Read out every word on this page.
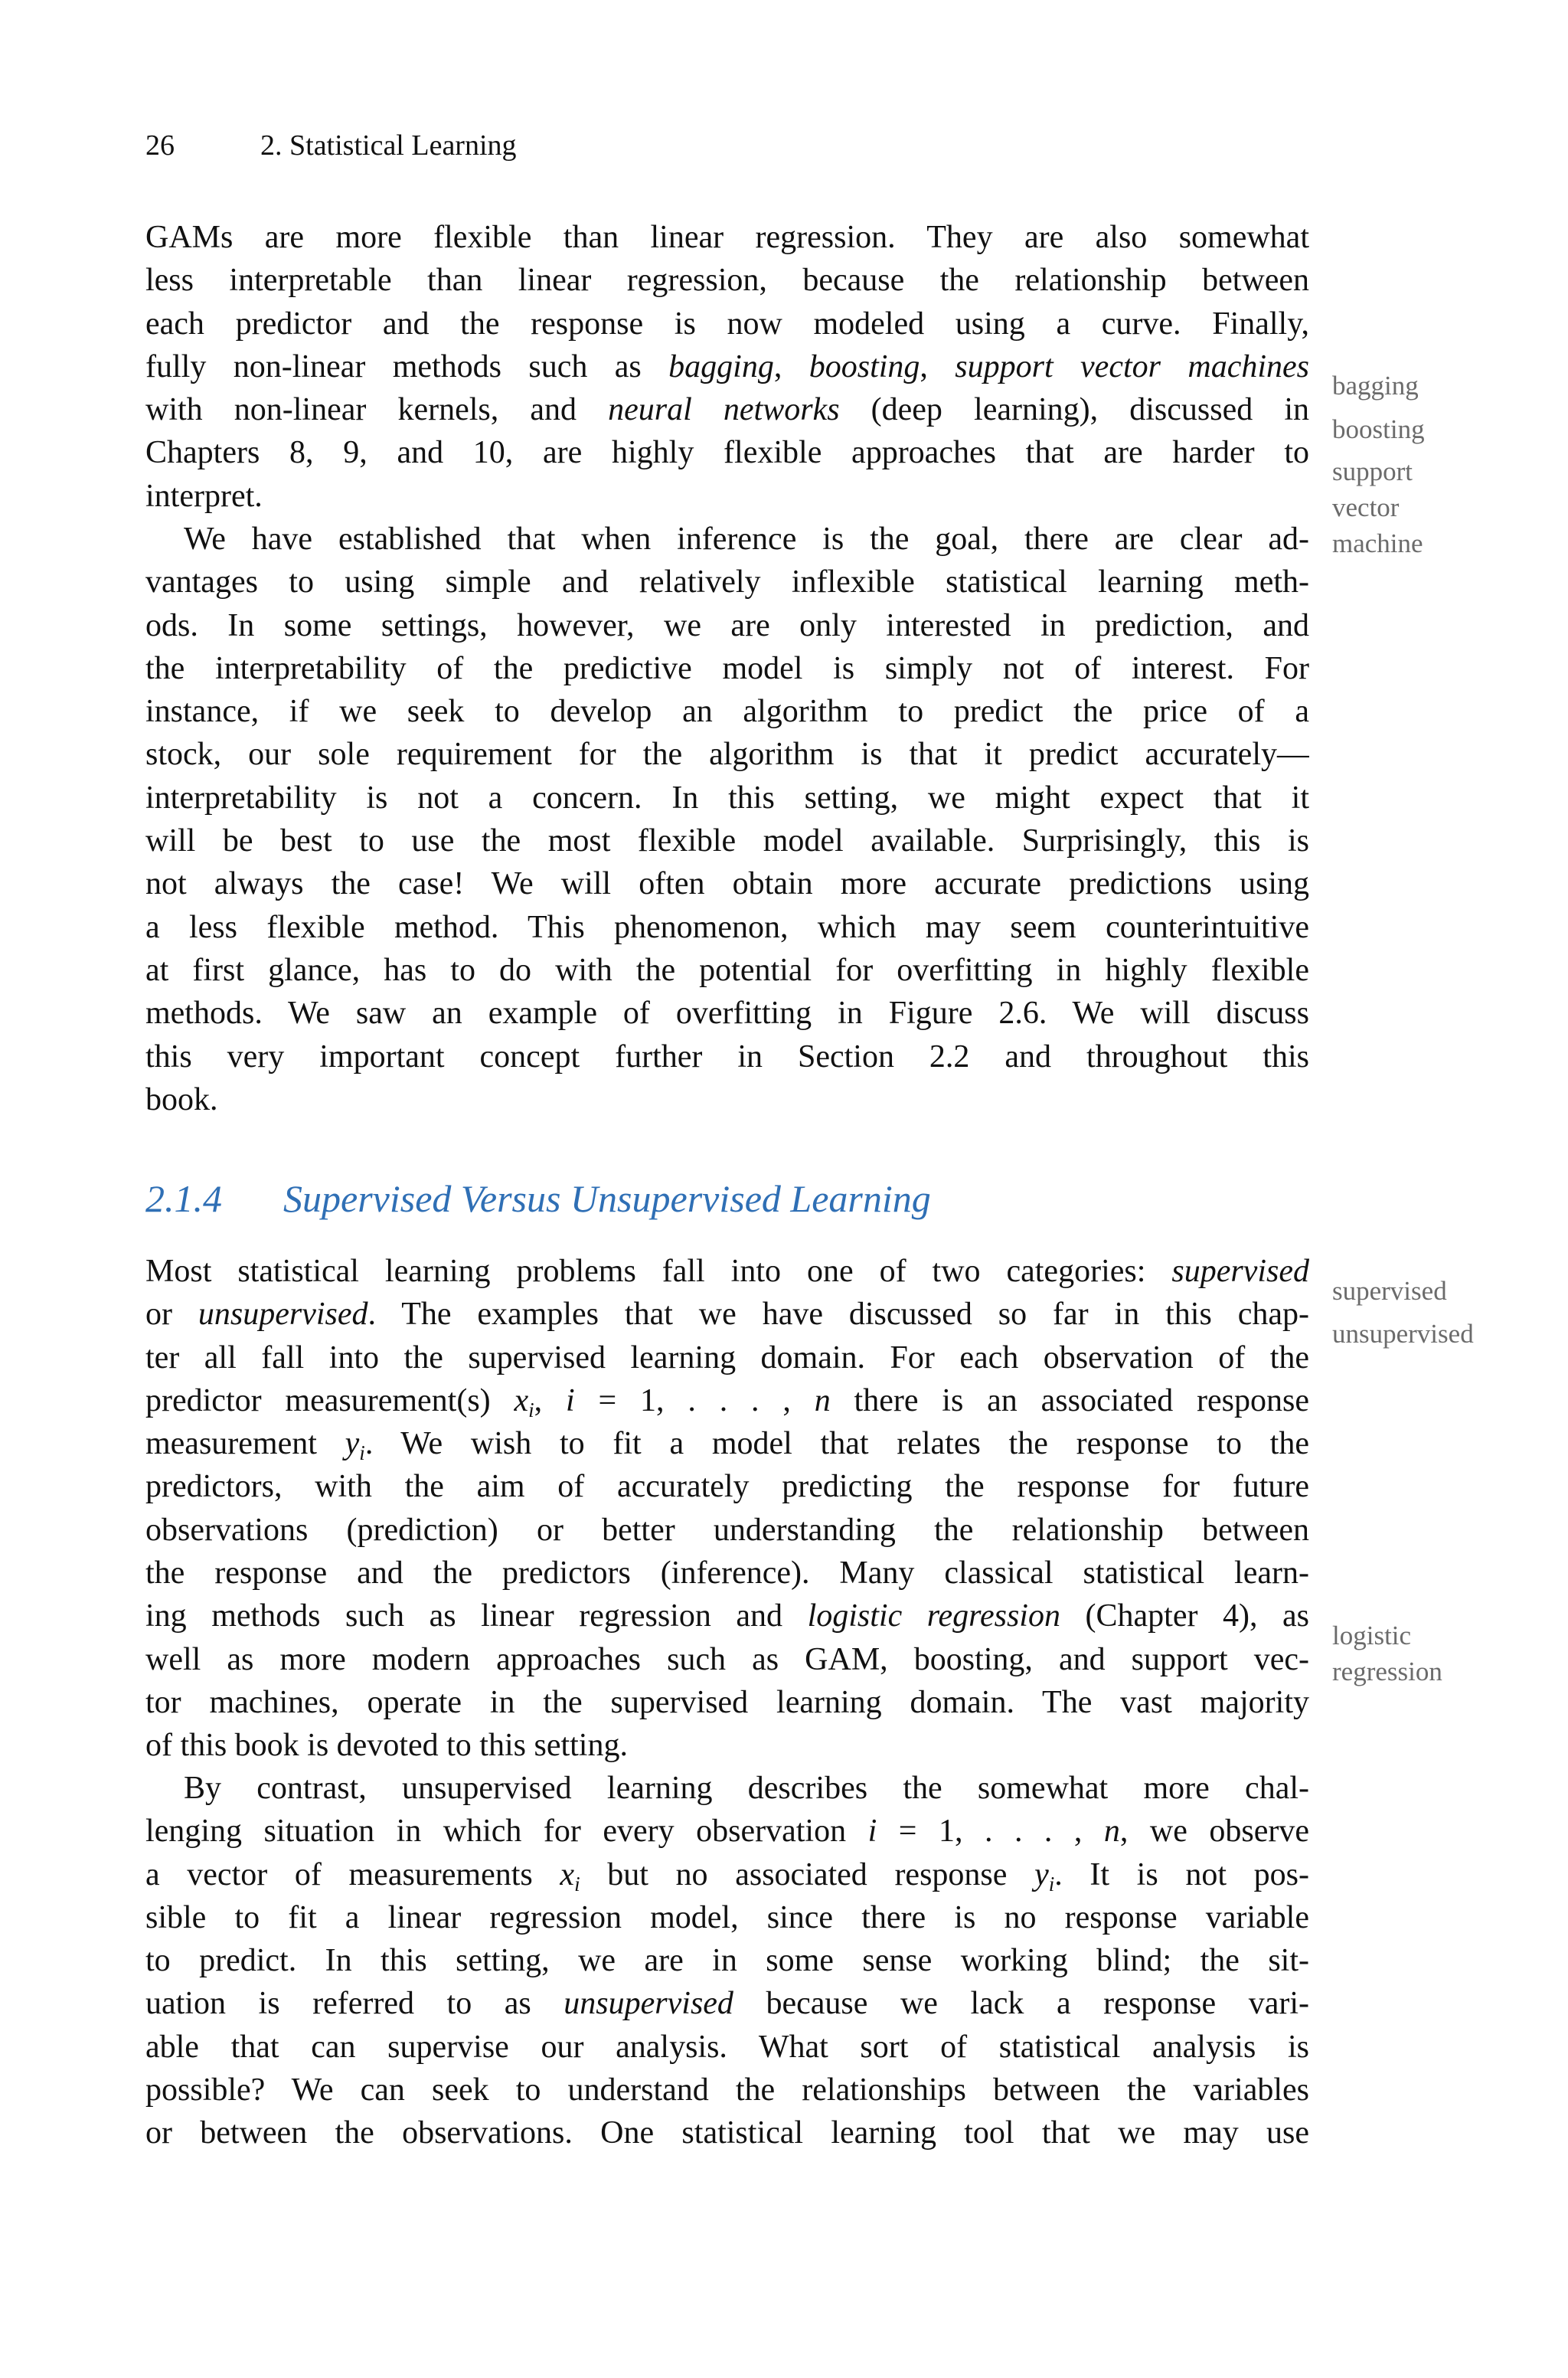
26	2. Statistical Learning
GAMs are more flexible than linear regression. They are also somewhat
less interpretable than linear regression, because the relationship between
each predictor and the response is now modeled using a curve. Finally,
fully non-linear methods such as bagging, boosting, support vector machines
with non-linear kernels, and neural networks (deep learning), discussed in
Chapters 8, 9, and 10, are highly flexible approaches that are harder to
interpret.
We have established that when inference is the goal, there are clear ad-
vantages to using simple and relatively inflexible statistical learning meth-
ods. In some settings, however, we are only interested in prediction, and
the interpretability of the predictive model is simply not of interest. For
instance, if we seek to develop an algorithm to predict the price of a
stock, our sole requirement for the algorithm is that it predict accurately—
interpretability is not a concern. In this setting, we might expect that it
will be best to use the most flexible model available. Surprisingly, this is
not always the case! We will often obtain more accurate predictions using
a less flexible method. This phenomenon, which may seem counterintuitive
at first glance, has to do with the potential for overfitting in highly flexible
methods. We saw an example of overfitting in Figure 2.6. We will discuss
this very important concept further in Section 2.2 and throughout this
book.
2.1.4 Supervised Versus Unsupervised Learning
Most statistical learning problems fall into one of two categories: supervised
or unsupervised. The examples that we have discussed so far in this chap-
ter all fall into the supervised learning domain. For each observation of the
predictor measurement(s) $x_i$, i = 1, . . . , n there is an associated response
measurement $y_i$. We wish to fit a model that relates the response to the
predictors, with the aim of accurately predicting the response for future
observations (prediction) or better understanding the relationship between
the response and the predictors (inference). Many classical statistical learn-
ing methods such as linear regression and logistic regression (Chapter 4), as
well as more modern approaches such as GAM, boosting, and support vec-
tor machines, operate in the supervised learning domain. The vast majority
of this book is devoted to this setting.
By contrast, unsupervised learning describes the somewhat more chal-
lenging situation in which for every observation i = 1, . . . , n, we observe
a vector of measurements $x_i$ but no associated response $y_i$. It is not pos-
sible to fit a linear regression model, since there is no response variable
to predict. In this setting, we are in some sense working blind; the sit-
uation is referred to as unsupervised because we lack a response vari-
able that can supervise our analysis. What sort of statistical analysis is
possible? We can seek to understand the relationships between the variables
or between the observations. One statistical learning tool that we may use
bagging
boosting
support
vector
machine
supervised
unsupervised
logistic
regression
